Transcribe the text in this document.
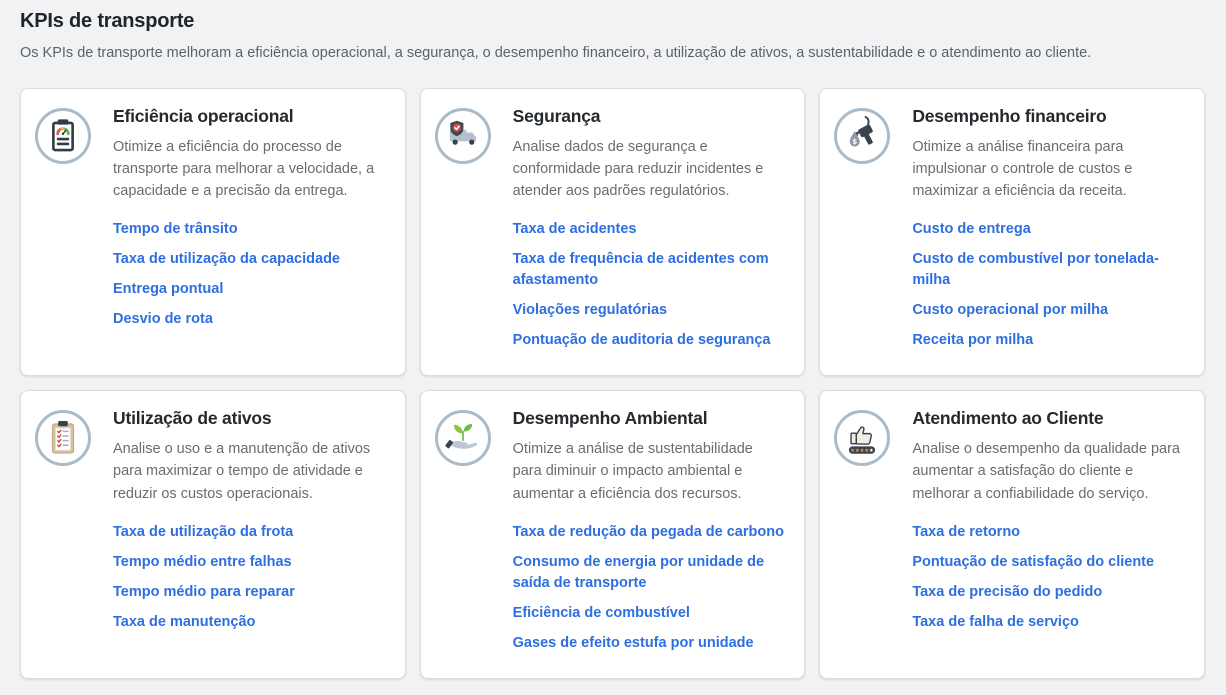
KPIs de transporte

Os KPIs de transporte melhoram a eficiência operacional, a segurança, o desempenho financeiro, a utilização de ativos, a sustentabilidade e o atendimento ao cliente.

Eficiência operacional

Otimize a eficiência do processo de transporte para melhorar a velocidade, a capacidade e a precisão da entrega.

Tempo de trânsito
Taxa de utilização da capacidade
Entrega pontual
Desvio de rota
Segurança

Analise dados de segurança e conformidade para reduzir incidentes e atender aos padrões regulatórios.

Taxa de acidentes
Taxa de frequência de acidentes com afastamento
Violações regulatórias
Pontuação de auditoria de segurança
$
Desempenho financeiro

Otimize a análise financeira para impulsionar o controle de custos e maximizar a eficiência da receita.

Custo de entrega
Custo de combustível por tonelada-milha
Custo operacional por milha
Receita por milha
Utilização de ativos

Analise o uso e a manutenção de ativos para maximizar o tempo de atividade e reduzir os custos operacionais.

Taxa de utilização da frota
Tempo médio entre falhas
Tempo médio para reparar
Taxa de manutenção
Desempenho Ambiental

Otimize a análise de sustentabilidade para diminuir o impacto ambiental e aumentar a eficiência dos recursos.

Taxa de redução da pegada de carbono
Consumo de energia por unidade de saída de transporte
Eficiência de combustível
Gases de efeito estufa por unidade
★ ★ ★ ★ ★
Atendimento ao Cliente

Analise o desempenho da qualidade para aumentar a satisfação do cliente e melhorar a confiabilidade do serviço.

Taxa de retorno
Pontuação de satisfação do cliente
Taxa de precisão do pedido
Taxa de falha de serviço
